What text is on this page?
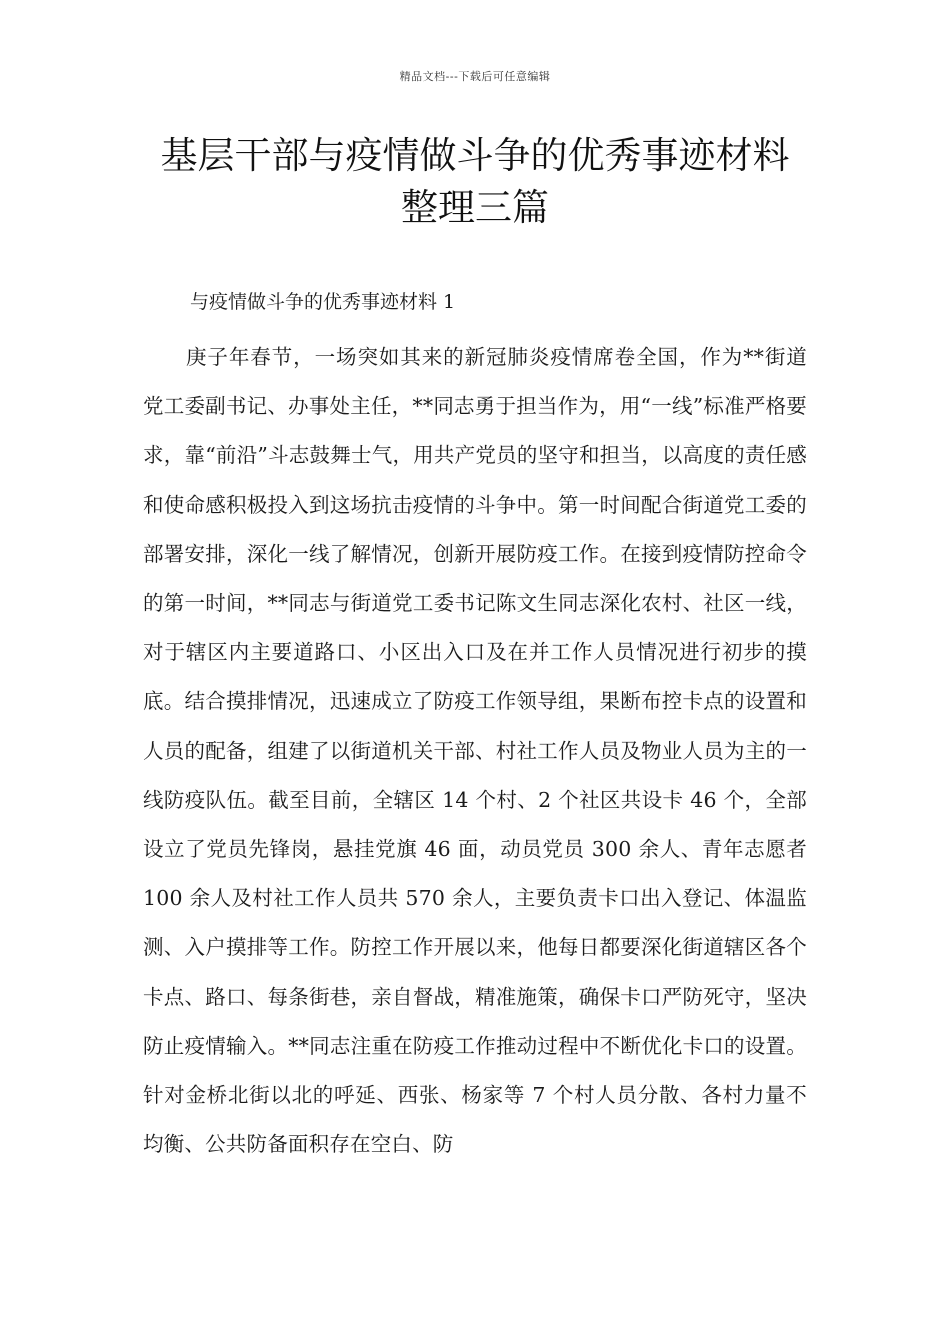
精品文档---下载后可任意编辑
基层干部与疫情做斗争的优秀事迹材料
整理三篇

与疫情做斗争的优秀事迹材料 1

庚子年春节，一场突如其来的新冠肺炎疫情席卷全国，作为**街道党工委副书记、办事处主任，**同志勇于担当作为，用“一线”标准严格要求，靠“前沿”斗志鼓舞士气，用共产党员的坚守和担当，以高度的责任感和使命感积极投入到这场抗击疫情的斗争中。第一时间配合街道党工委的部署安排，深化一线了解情况，创新开展防疫工作。在接到疫情防控命令的第一时间，**同志与街道党工委书记陈文生同志深化农村、社区一线，对于辖区内主要道路口、小区出入口及在并工作人员情况进行初步的摸底。结合摸排情况，迅速成立了防疫工作领导组，果断布控卡点的设置和人员的配备，组建了以街道机关干部、村社工作人员及物业人员为主的一线防疫队伍。截至目前，全辖区 14 个村、2 个社区共设卡 46 个，全部设立了党员先锋岗，悬挂党旗 46 面，动员党员 300 余人、青年志愿者 100 余人及村社工作人员共 570 余人，主要负责卡口出入登记、体温监测、入户摸排等工作。防控工作开展以来，他每日都要深化街道辖区各个卡点、路口、每条街巷，亲自督战，精准施策，确保卡口严防死守，坚决防止疫情输入。**同志注重在防疫工作推动过程中不断优化卡口的设置。针对金桥北街以北的呼延、西张、杨家等 7 个村人员分散、各村力量不均衡、公共防备面积存在空白、防
